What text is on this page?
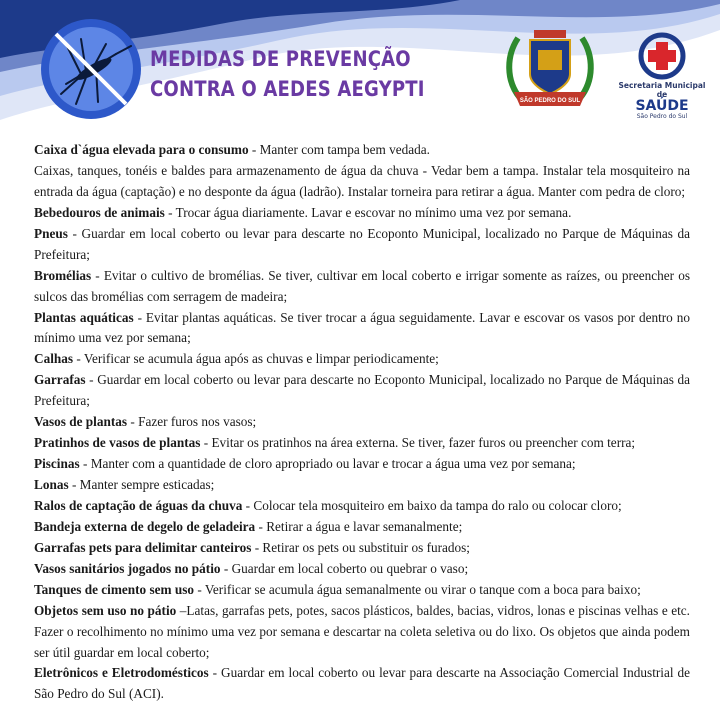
MEDIDAS DE PREVENÇÃO
CONTRA O AEDES AEGYPTI	SÃO PEDRO DO SUL
Secretaria Municipal de
SAÚDE
São Pedro do Sul

Caixa d`água elevada para o consumo - Manter com tampa bem vedada.

Caixas, tanques, tonéis e baldes para armazenamento de água da chuva - Vedar bem a tampa. Instalar tela mosquiteiro na entrada da água (captação) e no desponte da água (ladrão). Instalar torneira para retirar a água. Manter com pedra de cloro;

Bebedouros de animais - Trocar água diariamente. Lavar e escovar no mínimo uma vez por semana.

Pneus - Guardar em local coberto ou levar para descarte no Ecoponto Municipal, localizado no Parque de Máquinas da Prefeitura;

Bromélias - Evitar o cultivo de bromélias. Se tiver, cultivar em local coberto e irrigar somente as raízes, ou preencher os sulcos das bromélias com serragem de madeira;

Plantas aquáticas - Evitar plantas aquáticas. Se tiver trocar a água seguidamente. Lavar e escovar os vasos por dentro no mínimo uma vez por semana;

Calhas - Verificar se acumula água após as chuvas e limpar periodicamente;

Garrafas - Guardar em local coberto ou levar para descarte no Ecoponto Municipal, localizado no Parque de Máquinas da Prefeitura;

Vasos de plantas - Fazer furos nos vasos;

Pratinhos de vasos de plantas - Evitar os pratinhos na área externa. Se tiver, fazer furos ou preencher com terra;

Piscinas - Manter com a quantidade de cloro apropriado ou lavar e trocar a água uma vez por semana;

Lonas - Manter sempre esticadas;

Ralos de captação de águas da chuva - Colocar tela mosquiteiro em baixo da tampa do ralo ou colocar cloro;

Bandeja externa de degelo de geladeira - Retirar a água e lavar semanalmente;

Garrafas pets para delimitar canteiros - Retirar os pets ou substituir os furados;

Vasos sanitários jogados no pátio - Guardar em local coberto ou quebrar o vaso;

Tanques de cimento sem uso - Verificar se acumula água semanalmente ou virar o tanque com a boca para baixo;

Objetos sem uso no pátio –Latas, garrafas pets, potes, sacos plásticos, baldes, bacias, vidros, lonas e piscinas velhas e etc. Fazer o recolhimento no mínimo uma vez por semana e descartar na coleta seletiva ou do lixo. Os objetos que ainda podem ser útil guardar em local coberto;

Eletrônicos e Eletrodomésticos - Guardar em local coberto ou levar para descarte na Associação Comercial Industrial de São Pedro do Sul (ACI).
